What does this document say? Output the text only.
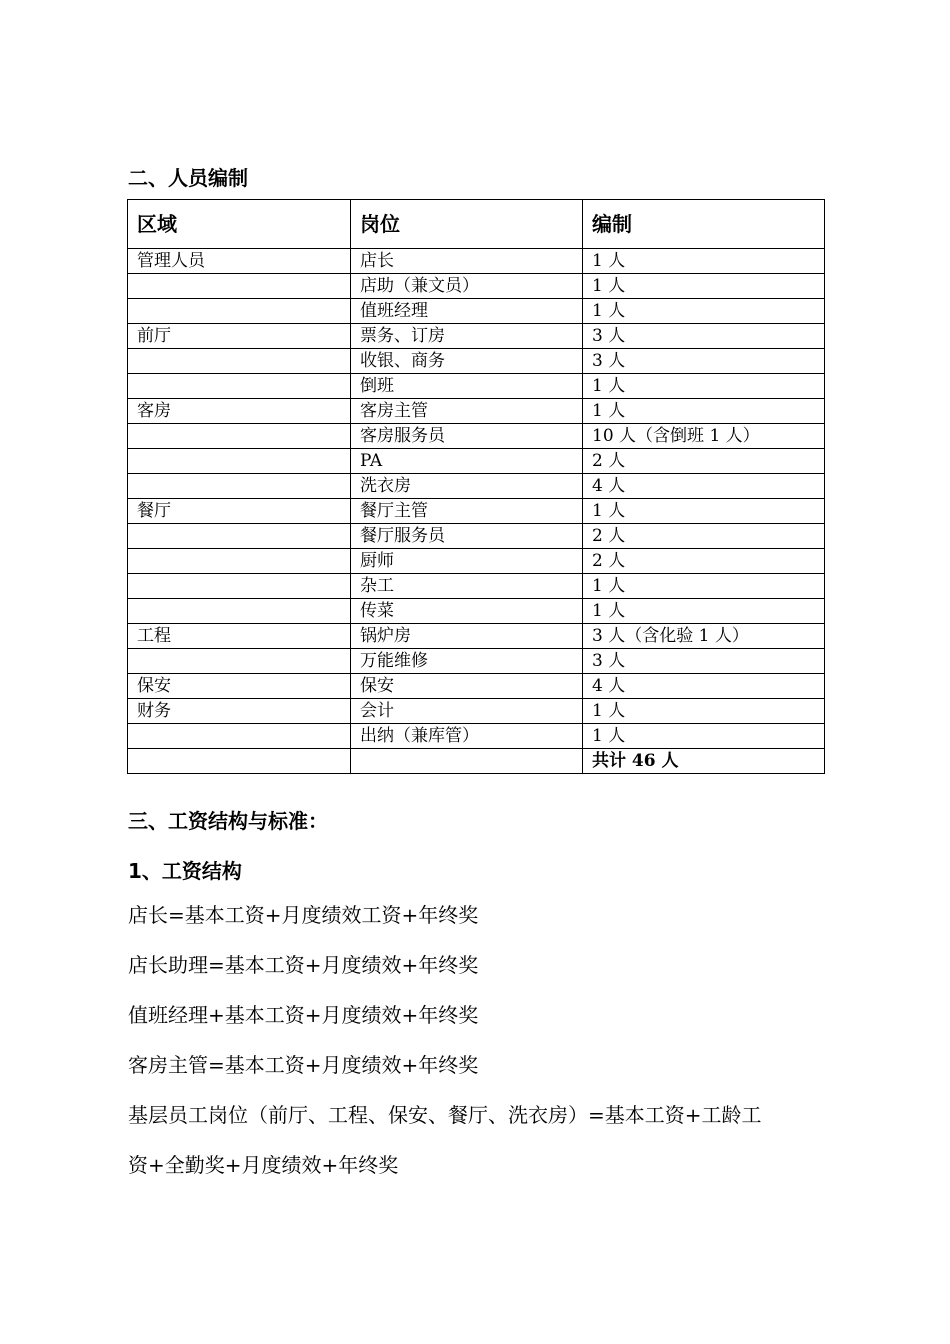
二、人员编制
区域	岗位	编制
管理人员	店长	1 人
	店助（兼文员）	1 人
	值班经理	1 人
前厅	票务、订房	3 人
	收银、商务	3 人
	倒班	1 人
客房	客房主管	1 人
	客房服务员	10 人（含倒班 1 人）
	PA	2 人
	洗衣房	4 人
餐厅	餐厅主管	1 人
	餐厅服务员	2 人
	厨师	2 人
	杂工	1 人
	传菜	1 人
工程	锅炉房	3 人（含化验 1 人）
	万能维修	3 人
保安	保安	4 人
财务	会计	1 人
	出纳（兼库管）	1 人
		共计 46 人
三、工资结构与标准：
1、工资结构
店长=基本工资+月度绩效工资+年终奖
店长助理=基本工资+月度绩效+年终奖
值班经理+基本工资+月度绩效+年终奖
客房主管=基本工资+月度绩效+年终奖
基层员工岗位（前厅、工程、保安、餐厅、洗衣房）=基本工资+工龄工
资+全勤奖+月度绩效+年终奖
